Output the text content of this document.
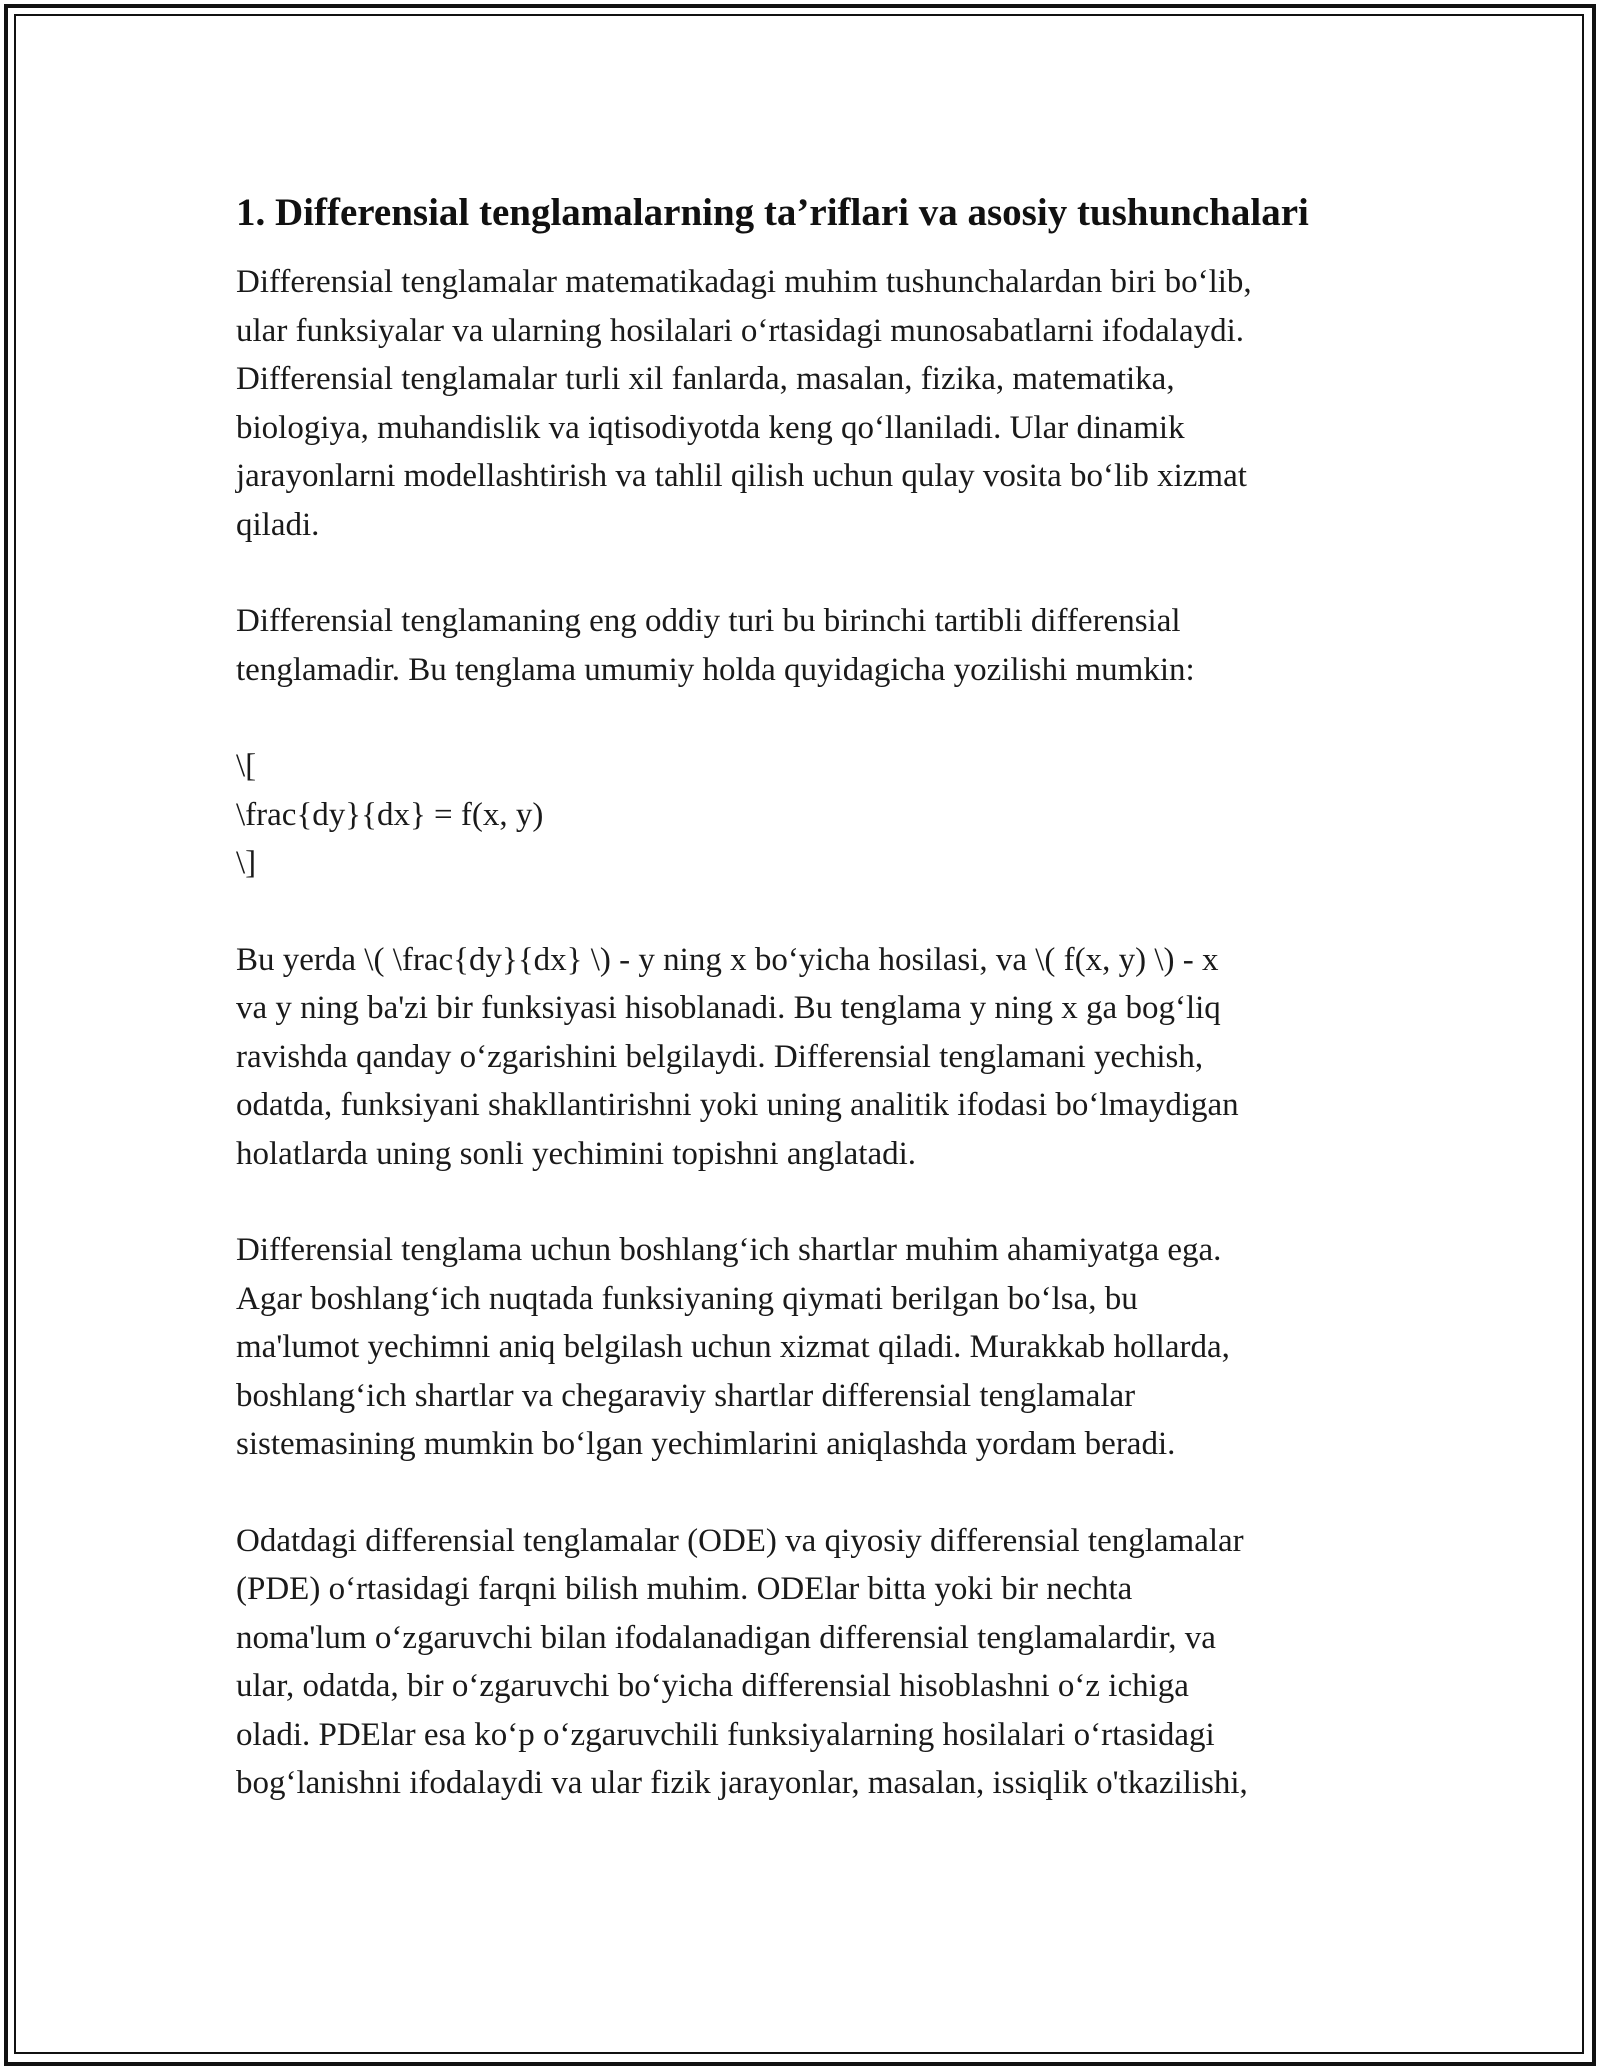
1. Differensial tenglamalarning ta’riflari va asosiy tushunchalari

Differensial tenglamalar matematikadagi muhim tushunchalardan biri boʻlib,
ular funksiyalar va ularning hosilalari oʻrtasidagi munosabatlarni ifodalaydi.
Differensial tenglamalar turli xil fanlarda, masalan, fizika, matematika,
biologiya, muhandislik va iqtisodiyotda keng qoʻllaniladi. Ular dinamik
jarayonlarni modellashtirish va tahlil qilish uchun qulay vosita boʻlib xizmat
qiladi.

Differensial tenglamaning eng oddiy turi bu birinchi tartibli differensial
tenglamadir. Bu tenglama umumiy holda quyidagicha yozilishi mumkin:

\[
\frac{dy}{dx} = f(x, y)
\]

Bu yerda \( \frac{dy}{dx} \) - y ning x boʻyicha hosilasi, va \( f(x, y) \) - x
va y ning ba'zi bir funksiyasi hisoblanadi. Bu tenglama y ning x ga bogʻliq
ravishda qanday oʻzgarishini belgilaydi. Differensial tenglamani yechish,
odatda, funksiyani shakllantirishni yoki uning analitik ifodasi boʻlmaydigan
holatlarda uning sonli yechimini topishni anglatadi.

Differensial tenglama uchun boshlangʻich shartlar muhim ahamiyatga ega.
Agar boshlangʻich nuqtada funksiyaning qiymati berilgan boʻlsa, bu
ma'lumot yechimni aniq belgilash uchun xizmat qiladi. Murakkab hollarda,
boshlangʻich shartlar va chegaraviy shartlar differensial tenglamalar
sistemasining mumkin boʻlgan yechimlarini aniqlashda yordam beradi.

Odatdagi differensial tenglamalar (ODE) va qiyosiy differensial tenglamalar
(PDE) oʻrtasidagi farqni bilish muhim. ODElar bitta yoki bir nechta
noma'lum oʻzgaruvchi bilan ifodalanadigan differensial tenglamalardir, va
ular, odatda, bir oʻzgaruvchi boʻyicha differensial hisoblashni oʻz ichiga
oladi. PDElar esa koʻp oʻzgaruvchili funksiyalarning hosilalari oʻrtasidagi
bogʻlanishni ifodalaydi va ular fizik jarayonlar, masalan, issiqlik o'tkazilishi,
